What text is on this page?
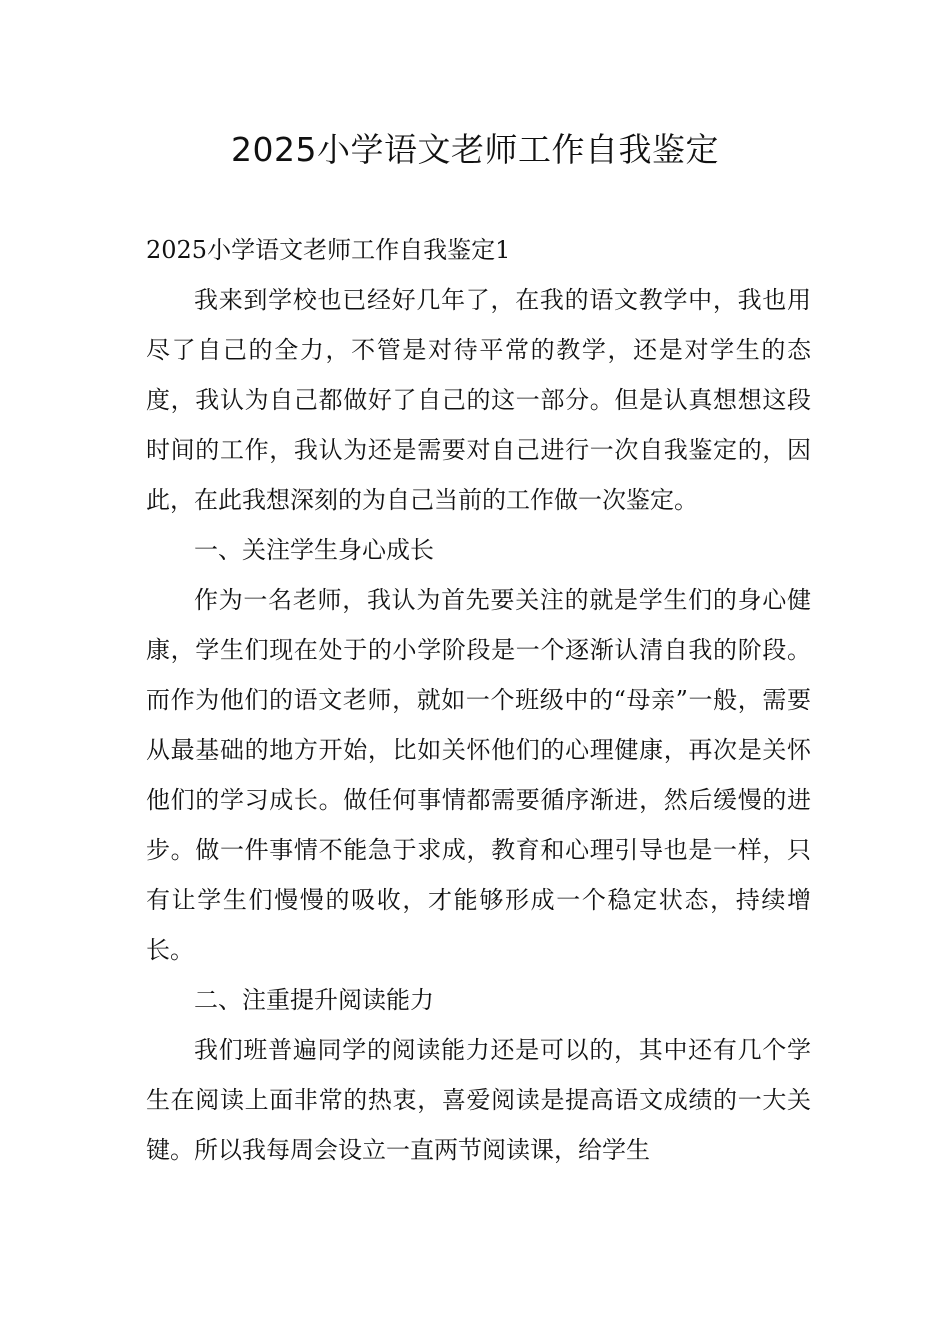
2025小学语文老师工作自我鉴定

2025小学语文老师工作自我鉴定1

我来到学校也已经好几年了，在我的语文教学中，我也用尽了自己的全力，不管是对待平常的教学，还是对学生的态度，我认为自己都做好了自己的这一部分。但是认真想想这段时间的工作，我认为还是需要对自己进行一次自我鉴定的，因此，在此我想深刻的为自己当前的工作做一次鉴定。

一、关注学生身心成长

作为一名老师，我认为首先要关注的就是学生们的身心健康，学生们现在处于的小学阶段是一个逐渐认清自我的阶段。而作为他们的语文老师，就如一个班级中的“母亲”一般，需要从最基础的地方开始，比如关怀他们的心理健康，再次是关怀他们的学习成长。做任何事情都需要循序渐进，然后缓慢的进步。做一件事情不能急于求成，教育和心理引导也是一样，只有让学生们慢慢的吸收，才能够形成一个稳定状态，持续增长。

二、注重提升阅读能力

我们班普遍同学的阅读能力还是可以的，其中还有几个学生在阅读上面非常的热衷，喜爱阅读是提高语文成绩的一大关键。所以我每周会设立一直两节阅读课，给学生
